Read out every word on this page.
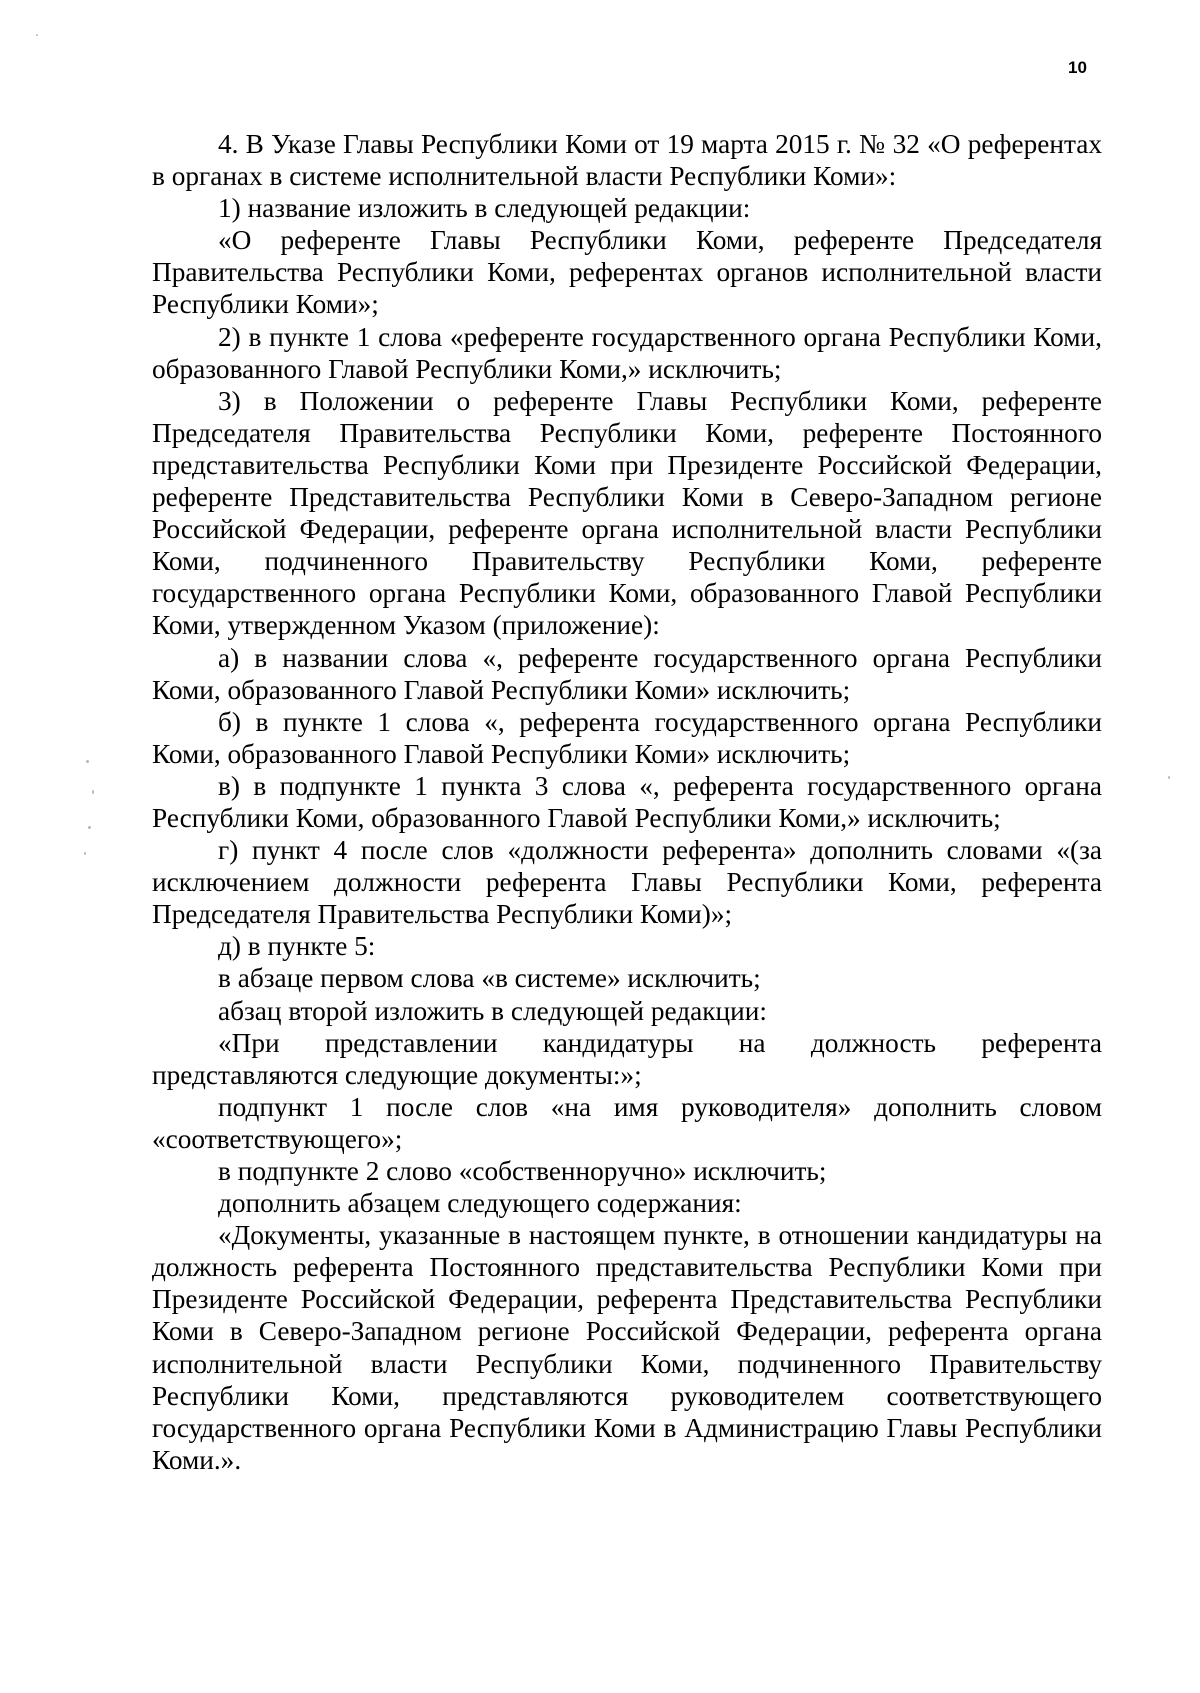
10

4. В Указе Главы Республики Коми от 19 марта 2015 г. № 32 «О референтах в органах в системе исполнительной власти Республики Коми»:

1) название изложить в следующей редакции:

«О референте Главы Республики Коми, референте Председателя Правительства Республики Коми, референтах органов исполнительной власти Республики Коми»;

2) в пункте 1 слова «референте государственного органа Республики Коми, образованного Главой Республики Коми,» исключить;

3) в Положении о референте Главы Республики Коми, референте Председателя Правительства Республики Коми, референте Постоянного представительства Республики Коми при Президенте Российской Федерации, референте Представительства Республики Коми в Северо-Западном регионе Российской Федерации, референте органа исполнительной власти Республики Коми, подчиненного Правительству Республики Коми, референте государственного органа Республики Коми, образованного Главой Республики Коми, утвержденном Указом (приложение):

а) в названии слова «, референте государственного органа Республики Коми, образованного Главой Республики Коми» исключить;

б) в пункте 1 слова «, референта государственного органа Республики Коми, образованного Главой Республики Коми» исключить;

в) в подпункте 1 пункта 3 слова «, референта государственного органа Республики Коми, образованного Главой Республики Коми,» исключить;

г) пункт 4 после слов «должности референта» дополнить словами «(за исключением должности референта Главы Республики Коми, референта Председателя Правительства Республики Коми)»;

д) в пункте 5:

в абзаце первом слова «в системе» исключить;

абзац второй изложить в следующей редакции:

«При представлении кандидатуры на должность референта представляются следующие документы:»;

подпункт 1 после слов «на имя руководителя» дополнить словом «соответствующего»;

в подпункте 2 слово «собственноручно» исключить;

дополнить абзацем следующего содержания:

«Документы, указанные в настоящем пункте, в отношении кандидатуры на должность референта Постоянного представительства Республики Коми при Президенте Российской Федерации, референта Представительства Республики Коми в Северо-Западном регионе Российской Федерации, референта органа исполнительной власти Республики Коми, подчиненного Правительству Республики Коми, представляются руководителем соответствующего государственного органа Республики Коми в Администрацию Главы Республики Коми.».
